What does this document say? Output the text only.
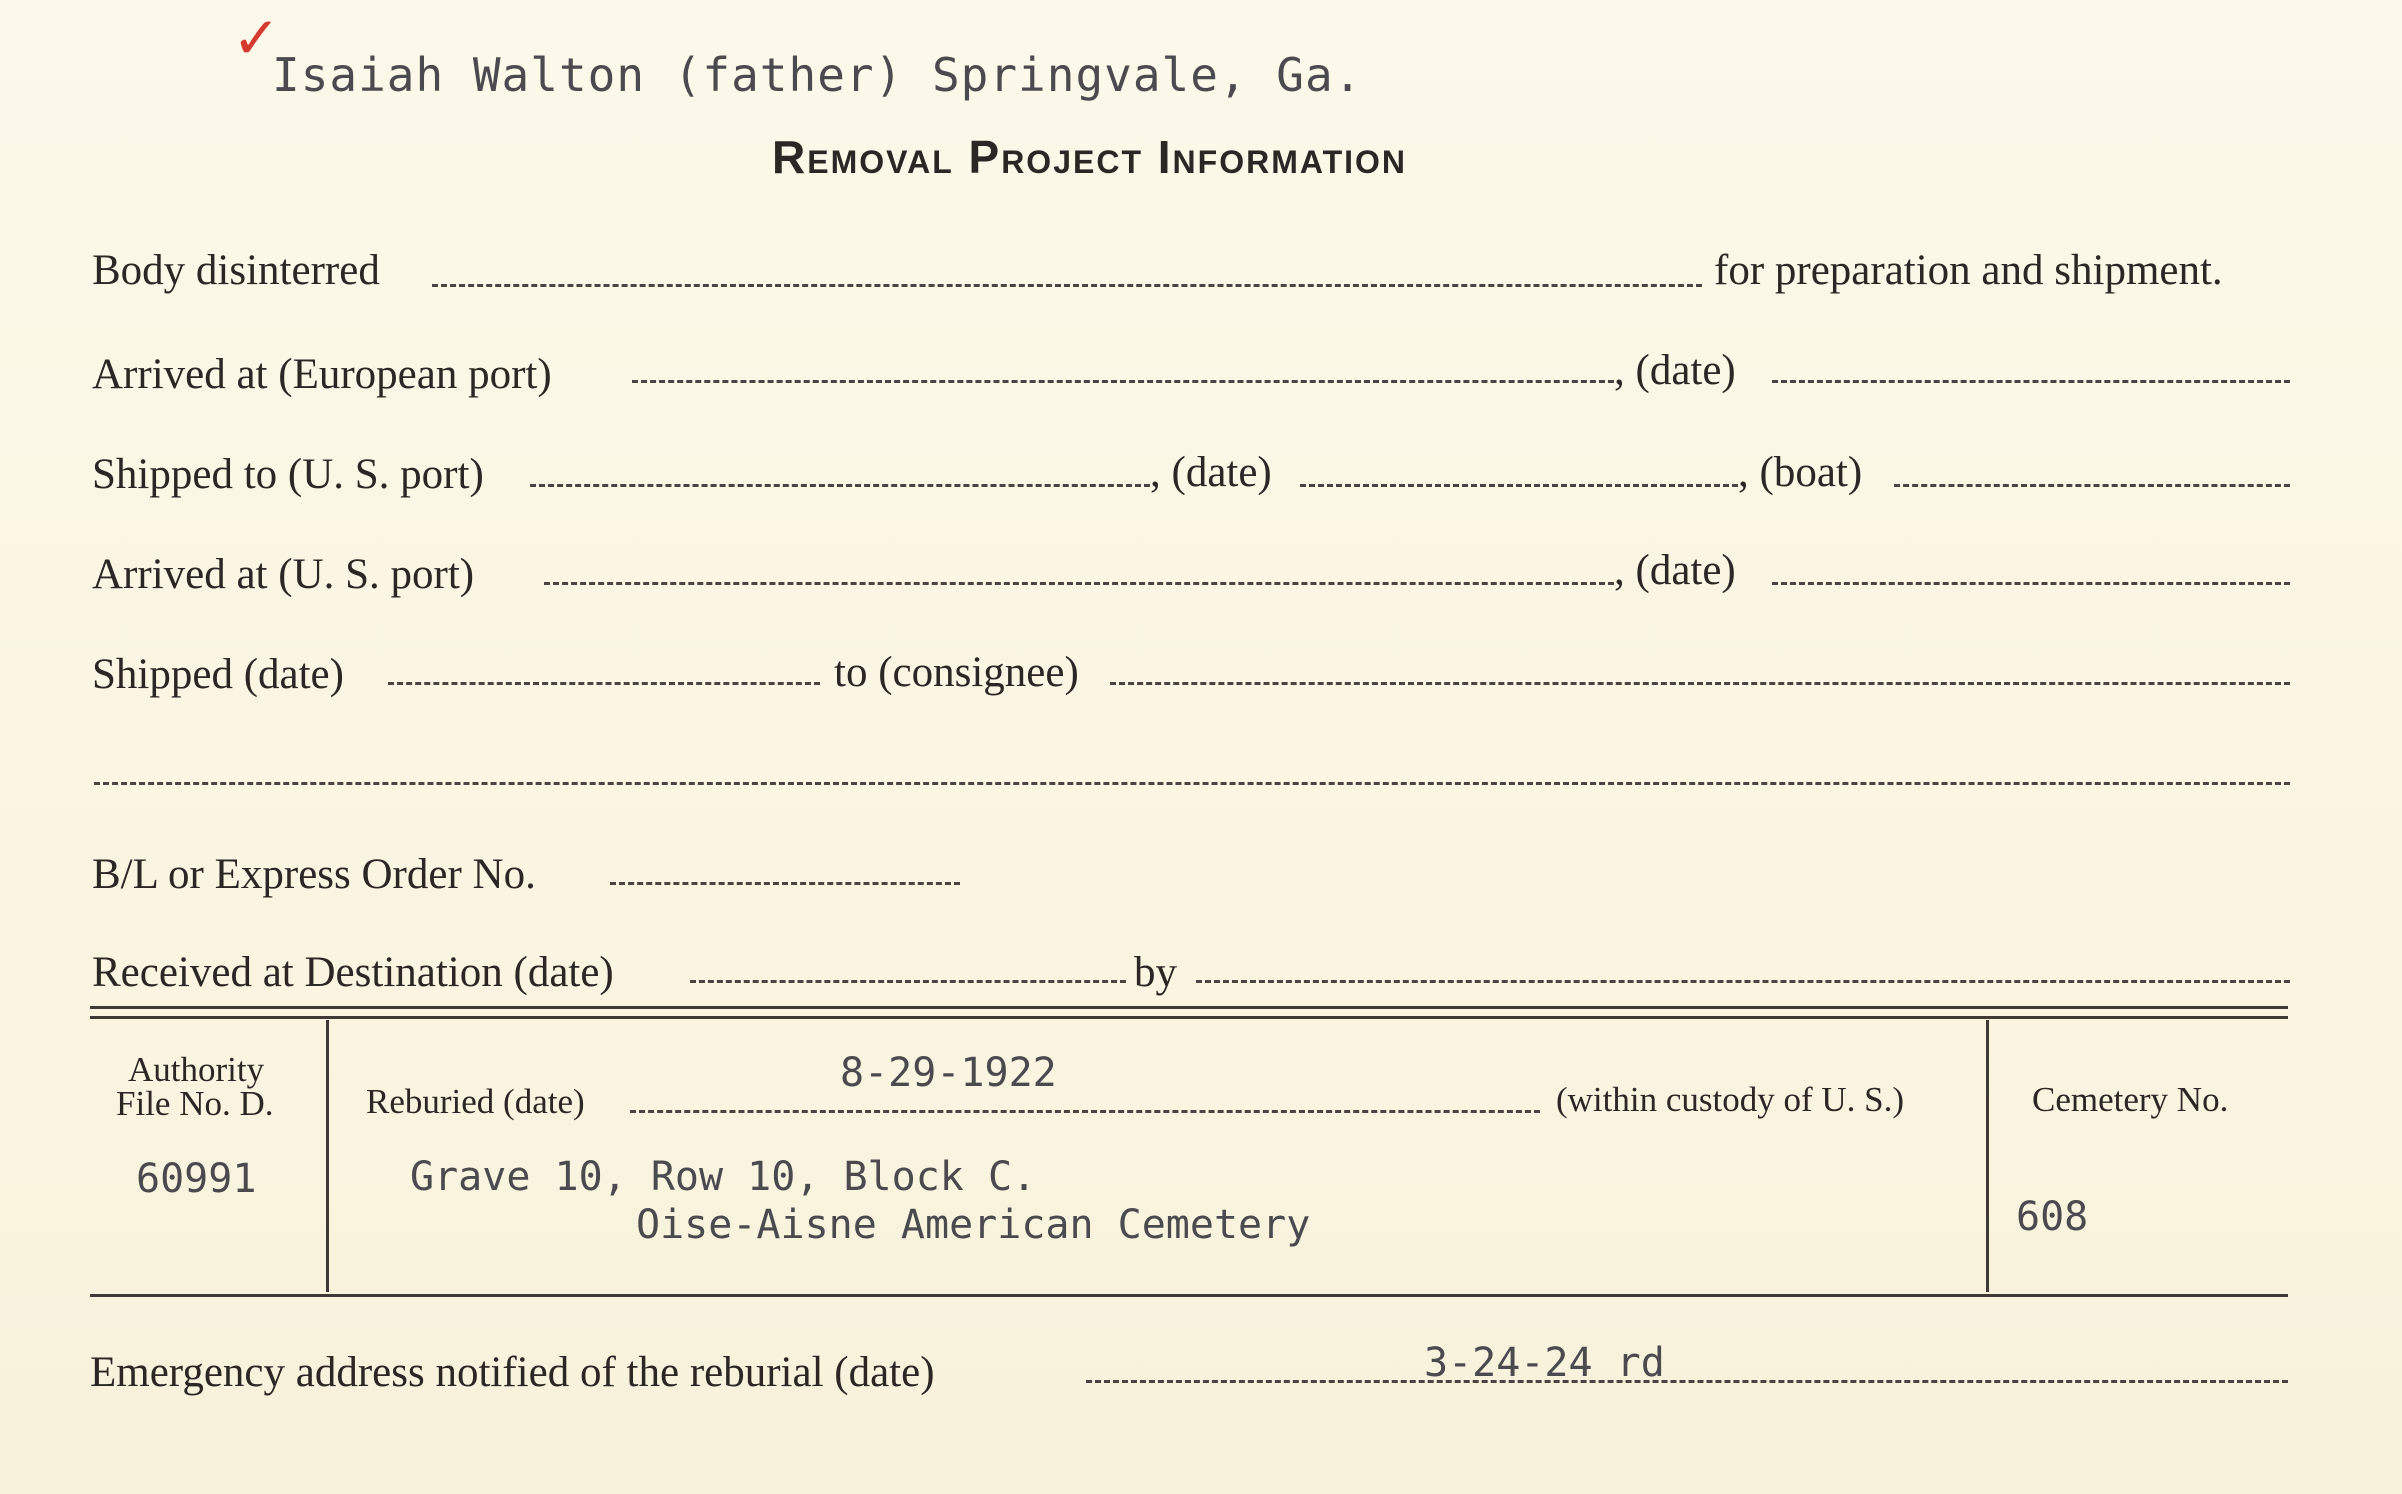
✓
Isaiah Walton (father) Springvale, Ga.
Removal Project Information
Body disinterred	for preparation and shipment.
Arrived at (European port)	, (date)
Shipped to (U. S. port)	, (date)	, (boat)
Arrived at (U. S. port)	, (date)
Shipped (date)	to (consignee)
B/L or Express Order No.
Received at Destination (date)	by
Authority
File No. D.
60991
8-29-1922
Reburied (date)	(within custody of U. S.)
Grave 10, Row 10, Block C.
Oise-Aisne American Cemetery
Cemetery No.
608
Emergency address notified of the reburial (date)	3-24-24 rd
